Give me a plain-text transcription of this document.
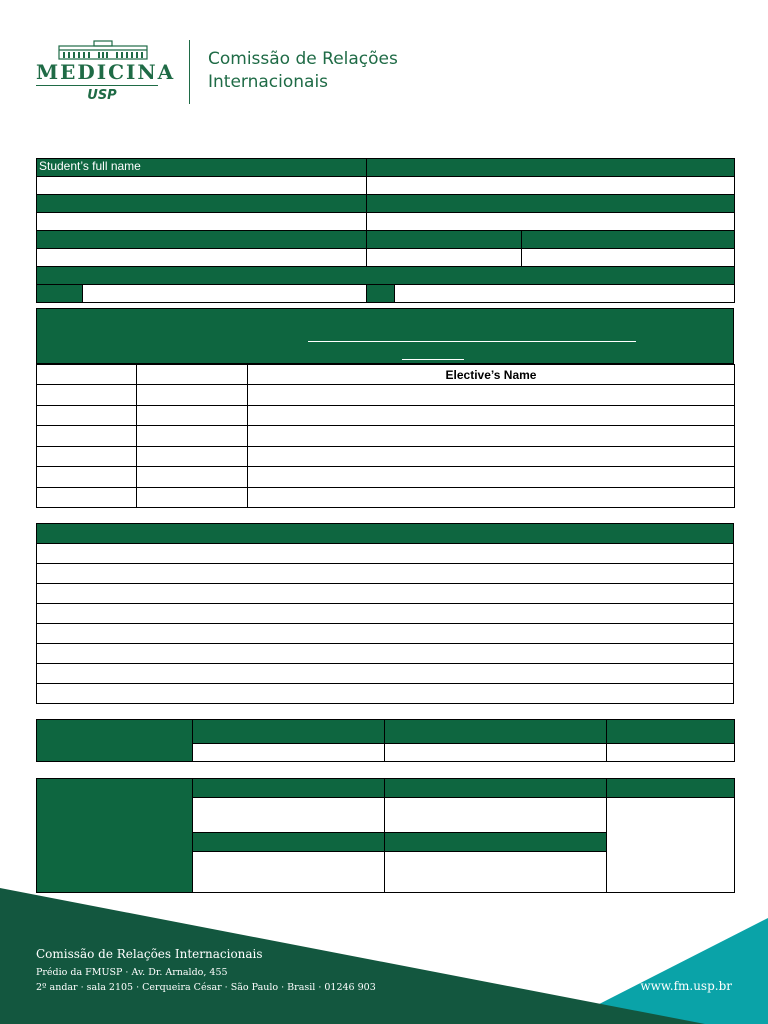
MEDICINA
USP
Comissão de Relações
Internacionais
Student’s full name				

		Elective’s Name

Comissão de Relações Internacionais
Prédio da FMUSP · Av. Dr. Arnaldo, 455
2º andar · sala 2105 · Cerqueira César · São Paulo · Brasil · 01246 903	www.fm.usp.br
